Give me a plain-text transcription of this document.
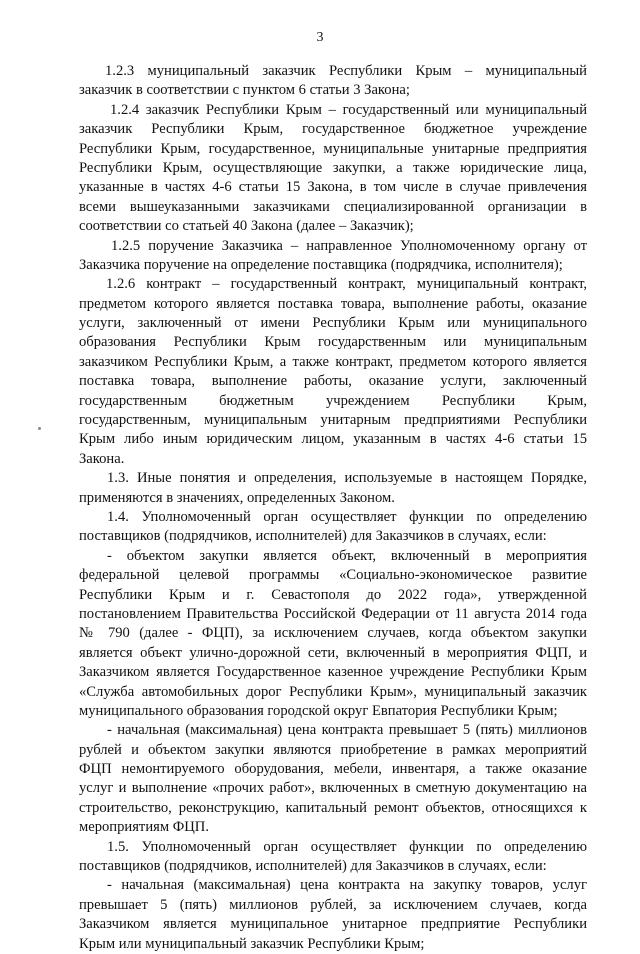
3
1.2.3 муниципальный заказчик Республики Крым – муниципальный
заказчик в соответствии с пунктом 6 статьи 3 Закона;
1.2.4 заказчик Республики Крым – государственный или муниципальный
заказчик Республики Крым, государственное бюджетное учреждение
Республики Крым, государственное, муниципальные унитарные предприятия
Республики Крым, осуществляющие закупки, а также юридические лица,
указанные в частях 4-6 статьи 15 Закона, в том числе в случае привлечения
всеми вышеуказанными заказчиками специализированной организации в
соответствии со статьей 40 Закона (далее – Заказчик);
1.2.5 поручение Заказчика – направленное Уполномоченному органу от
Заказчика поручение на определение поставщика (подрядчика, исполнителя);
1.2.6 контракт – государственный контракт, муниципальный контракт,
предметом которого является поставка товара, выполнение работы, оказание
услуги, заключенный от имени Республики Крым или муниципального
образования Республики Крым государственным или муниципальным
заказчиком Республики Крым, а также контракт, предметом которого является
поставка товара, выполнение работы, оказание услуги, заключенный
государственным бюджетным учреждением Республики Крым,
государственным, муниципальным унитарным предприятиями Республики
Крым либо иным юридическим лицом, указанным в частях 4-6 статьи 15
Закона.
1.3. Иные понятия и определения, используемые в настоящем Порядке,
применяются в значениях, определенных Законом.
1.4. Уполномоченный орган осуществляет функции по определению
поставщиков (подрядчиков, исполнителей) для Заказчиков в случаях, если:
- объектом закупки является объект, включенный в мероприятия
федеральной целевой программы «Социально-экономическое развитие
Республики Крым и г. Севастополя до 2022 года», утвержденной
постановлением Правительства Российской Федерации от 11 августа 2014 года
№ 790 (далее - ФЦП), за исключением случаев, когда объектом закупки
является объект улично-дорожной сети, включенный в мероприятия ФЦП, и
Заказчиком является Государственное казенное учреждение Республики Крым
«Служба автомобильных дорог Республики Крым», муниципальный заказчик
муниципального образования городской округ Евпатория Республики Крым;
- начальная (максимальная) цена контракта превышает 5 (пять) миллионов
рублей и объектом закупки являются приобретение в рамках мероприятий
ФЦП немонтируемого оборудования, мебели, инвентаря, а также оказание
услуг и выполнение «прочих работ», включенных в сметную документацию на
строительство, реконструкцию, капитальный ремонт объектов, относящихся к
мероприятиям ФЦП.
1.5. Уполномоченный орган осуществляет функции по определению
поставщиков (подрядчиков, исполнителей) для Заказчиков в случаях, если:
- начальная (максимальная) цена контракта на закупку товаров, услуг
превышает 5 (пять) миллионов рублей, за исключением случаев, когда
Заказчиком является муниципальное унитарное предприятие Республики
Крым или муниципальный заказчик Республики Крым;
